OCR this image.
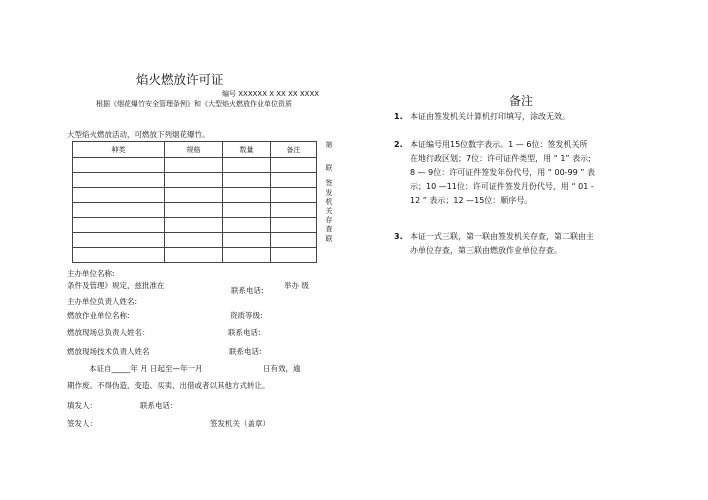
焰火燃放许可证
编号 XXXXXX X XX XX XXXX
根据《烟花爆竹安全管理条例》和《大型焰火燃放作业单位资质
大型焰火燃放活动，可燃放下列烟花爆竹。
种类	规格	数量	备注

第
联
签
发
机
关
存
查
联
主办单位名称:
条件及管理》规定，兹批准在
联系电话:
举办 级
主办单位负责人姓名:
燃放作业单位名称:	资质等级:
燃放现场总负责人姓名：	联系电话:
燃放现场技术负责人姓名	联系电话:
本证自_____年 月 日起至—年一月	日有效，逾
期作废。不得伪造、变造、买卖、出借或者以其他方式转让。
填发人：	联系电话：
签发人：	签发机关（盖章）
备注
1. 本证由签发机关计算机打印填写，涂改无效。
2. 本证编号用15位数字表示。1 — 6位：签发机关所
在地行政区划；7位：许可证件类型，用 “ 1” 表示;
8 — 9位：许可证件签发年份代号，用 “ 00-99 ” 表
示；10 —11位：许可证件签发月份代号，用 “ 01 -
12 ” 表示；12 —15位：顺序号。
3. 本证一式三联，第一联由签发机关存查，第二联由主
办单位存查，第三联由燃放作业单位存查。
